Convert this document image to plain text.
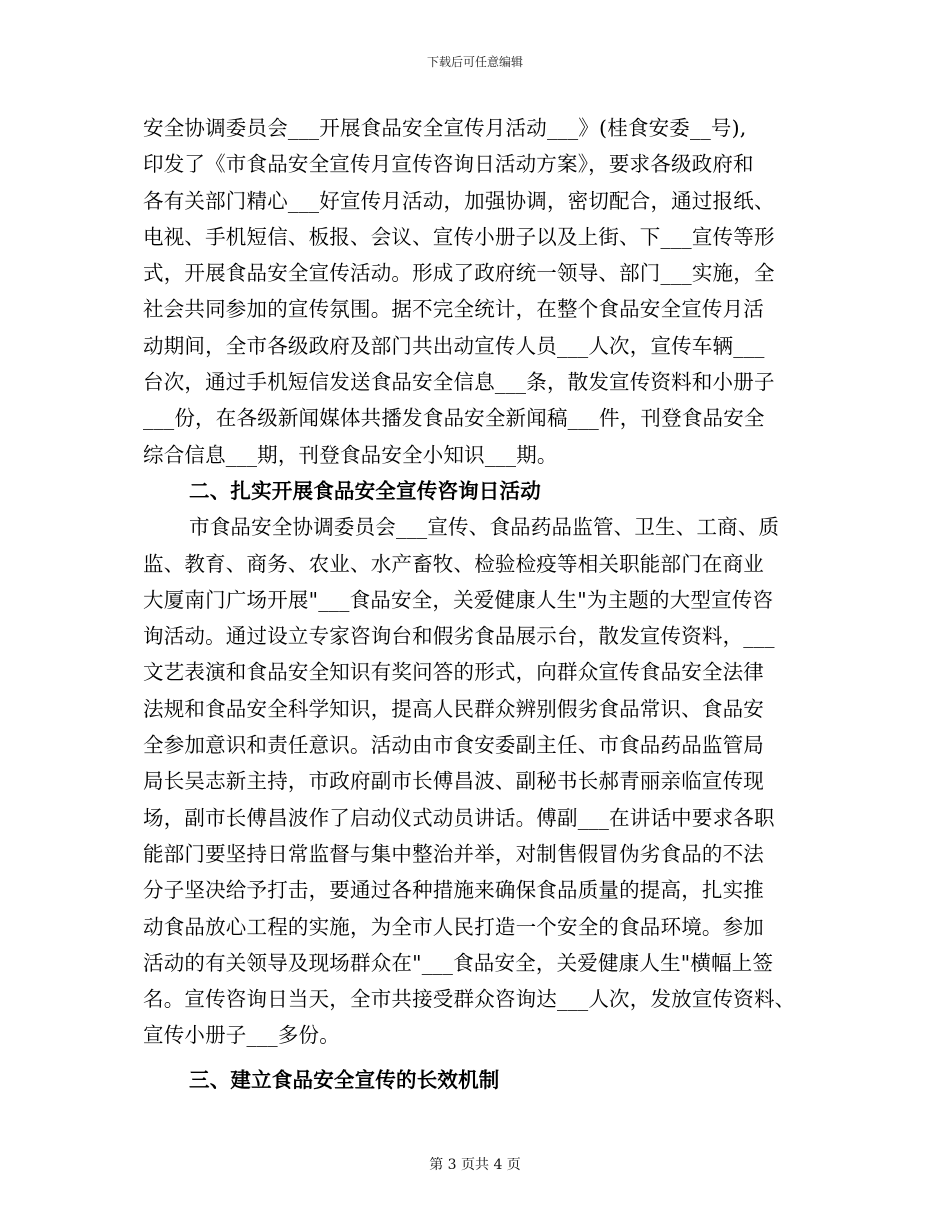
下载后可任意编辑
安全协调委员会___开展食品安全宣传月活动___》(桂食安委__号),
印发了《市食品安全宣传月宣传咨询日活动方案》，要求各级政府和
各有关部门精心___好宣传月活动，加强协调，密切配合，通过报纸、
电视、手机短信、板报、会议、宣传小册子以及上街、下___宣传等形
式，开展食品安全宣传活动。形成了政府统一领导、部门___实施，全
社会共同参加的宣传氛围。据不完全统计，在整个食品安全宣传月活
动期间，全市各级政府及部门共出动宣传人员___人次，宣传车辆___
台次，通过手机短信发送食品安全信息___条，散发宣传资料和小册子
___份，在各级新闻媒体共播发食品安全新闻稿___件，刊登食品安全
综合信息___期，刊登食品安全小知识___期。
二、扎实开展食品安全宣传咨询日活动
市食品安全协调委员会___宣传、食品药品监管、卫生、工商、质
监、教育、商务、农业、水产畜牧、检验检疫等相关职能部门在商业
大厦南门广场开展"___食品安全，关爱健康人生"为主题的大型宣传咨
询活动。通过设立专家咨询台和假劣食品展示台，散发宣传资料，___
文艺表演和食品安全知识有奖问答的形式，向群众宣传食品安全法律
法规和食品安全科学知识，提高人民群众辨别假劣食品常识、食品安
全参加意识和责任意识。活动由市食安委副主任、市食品药品监管局
局长吴志新主持，市政府副市长傅昌波、副秘书长郝青丽亲临宣传现
场，副市长傅昌波作了启动仪式动员讲话。傅副___在讲话中要求各职
能部门要坚持日常监督与集中整治并举，对制售假冒伪劣食品的不法
分子坚决给予打击，要通过各种措施来确保食品质量的提高，扎实推
动食品放心工程的实施，为全市人民打造一个安全的食品环境。参加
活动的有关领导及现场群众在"___食品安全，关爱健康人生"横幅上签
名。宣传咨询日当天，全市共接受群众咨询达___人次，发放宣传资料、
宣传小册子___多份。
三、建立食品安全宣传的长效机制
第 3 页共 4 页
